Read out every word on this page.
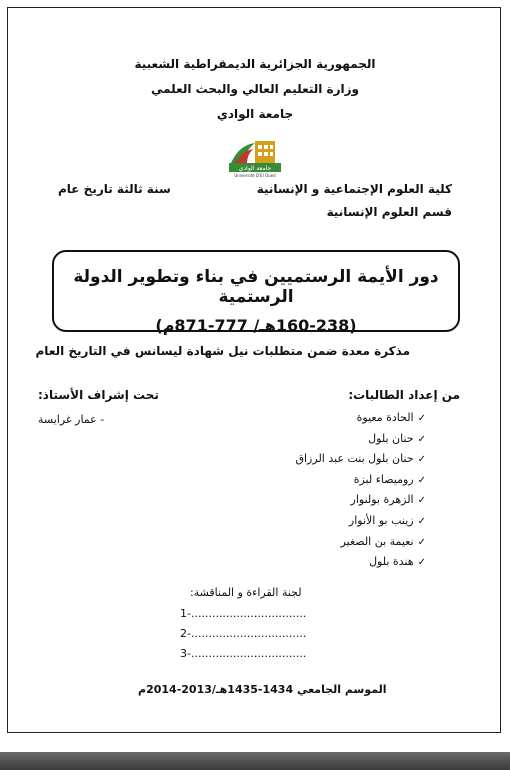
الجمهورية الجزائرية الديمقراطية الشعبية
وزارة التعليم العالي والبحث العلمي
جامعة الوادي
جامعة الوادي
Université D'El Oued
كلية العلوم الإجتماعية و الإنسانية
قسم العلوم الإنسانية
سنة ثالثة تاريخ عام
دور الأيمة الرستميين في بناء وتطوير الدولة الرستمية
(160-238هـ/ 777-871م)
مذكرة معدة ضمن متطلبات نيل شهادة ليسانس في التاريخ العام
من إعداد الطالبات:
تحت إشراف الأستاذ:
- عمار غرايسة	✓الحادة معيوة
✓حنان بلول
✓حنان بلول بنت عبد الرزاق
✓روميصاء لبزة
✓الزهرة بولنوار
✓زينب بو الأنوار
✓نعيمة بن الصغير
✓هندة بلول
لجنة القراءة و المناقشة:
1-.................................
2-.................................
3-.................................
الموسم الجامعي 1434-1435هـ/2013-2014م
